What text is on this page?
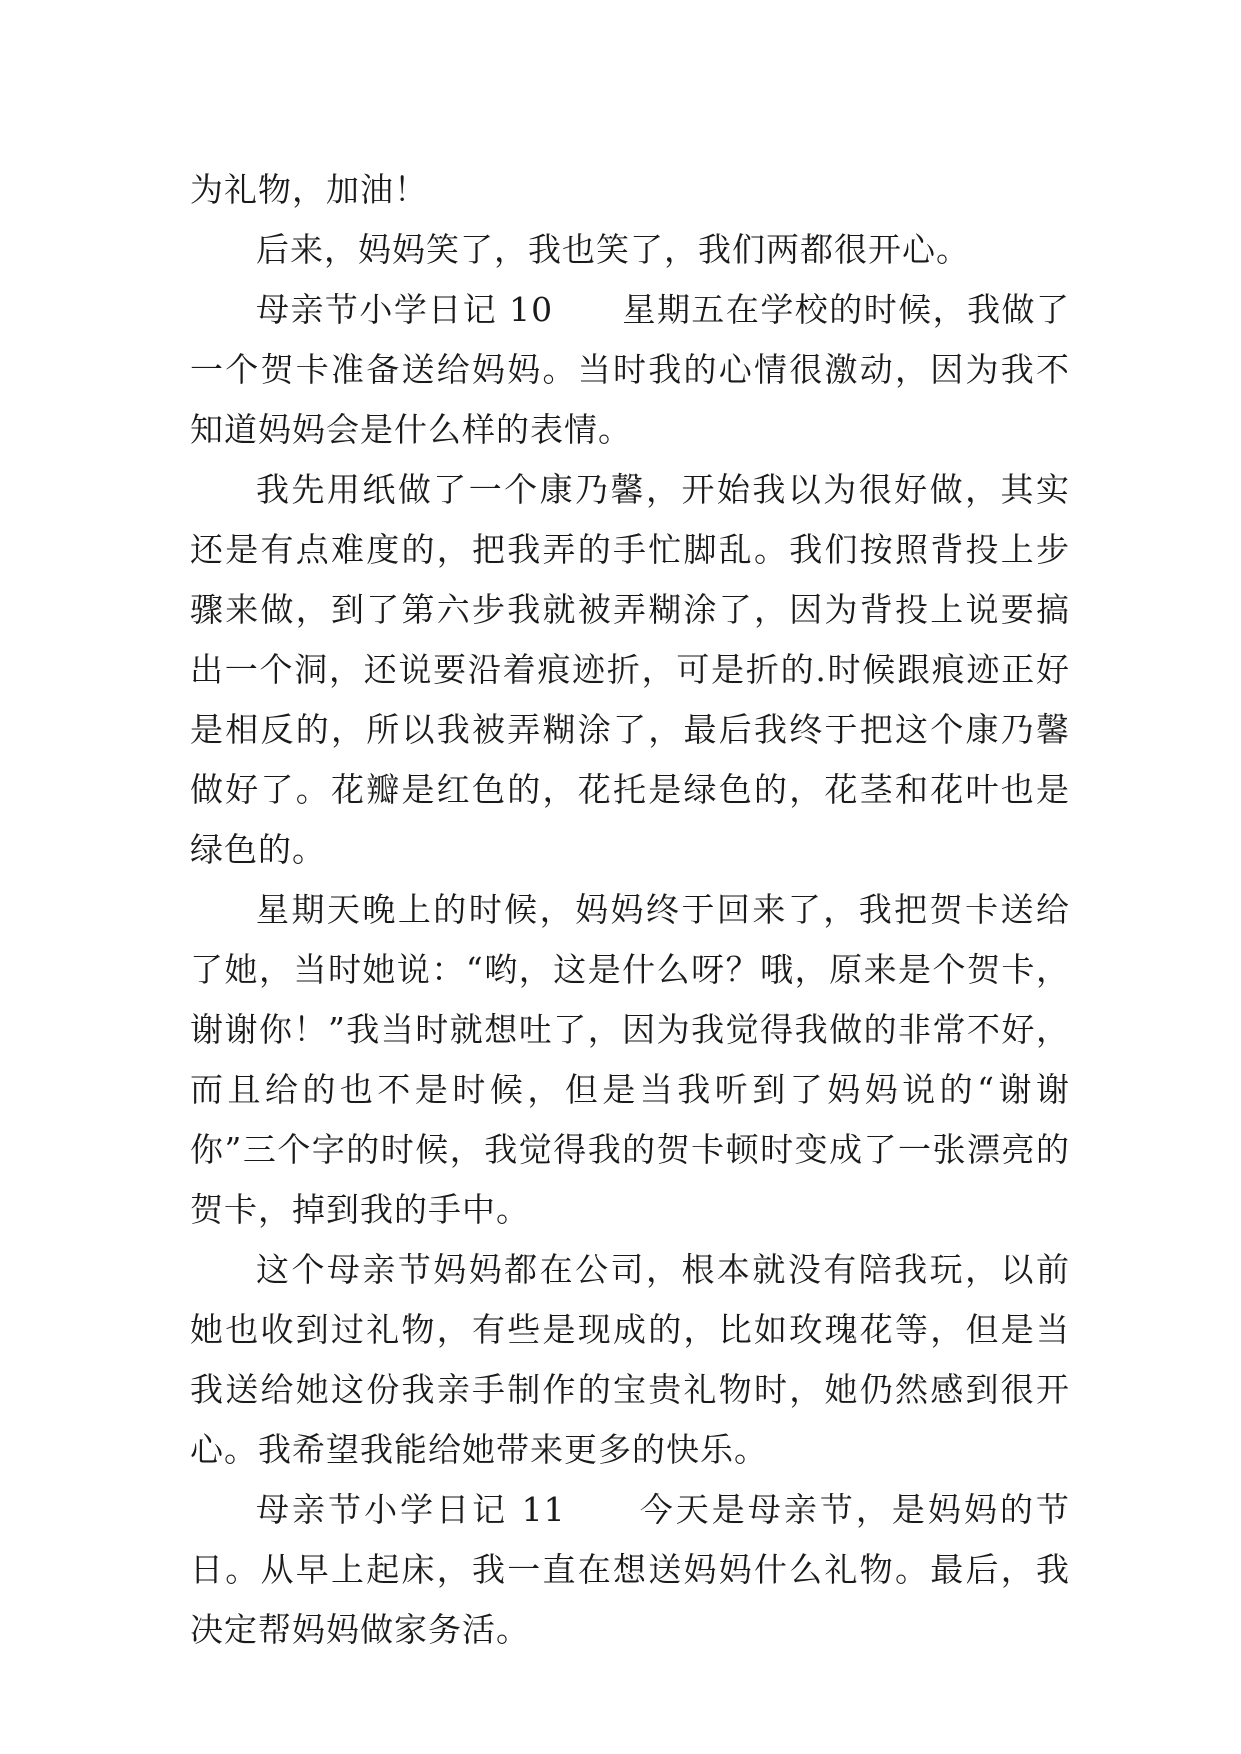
为礼物，加油！

后来，妈妈笑了，我也笑了，我们两都很开心。

母亲节小学日记 10　　星期五在学校的时候，我做了一个贺卡准备送给妈妈。当时我的心情很激动，因为我不知道妈妈会是什么样的表情。

我先用纸做了一个康乃馨，开始我以为很好做，其实还是有点难度的，把我弄的手忙脚乱。我们按照背投上步骤来做，到了第六步我就被弄糊涂了，因为背投上说要搞出一个洞，还说要沿着痕迹折，可是折的.时候跟痕迹正好是相反的，所以我被弄糊涂了，最后我终于把这个康乃馨做好了。花瓣是红色的，花托是绿色的，花茎和花叶也是绿色的。

星期天晚上的时候，妈妈终于回来了，我把贺卡送给了她，当时她说：“哟，这是什么呀？哦，原来是个贺卡，谢谢你！”我当时就想吐了，因为我觉得我做的非常不好，而且给的也不是时候，但是当我听到了妈妈说的“谢谢你”三个字的时候，我觉得我的贺卡顿时变成了一张漂亮的贺卡，掉到我的手中。

这个母亲节妈妈都在公司，根本就没有陪我玩，以前她也收到过礼物，有些是现成的，比如玫瑰花等，但是当我送给她这份我亲手制作的宝贵礼物时，她仍然感到很开心。我希望我能给她带来更多的快乐。

母亲节小学日记 11　　今天是母亲节，是妈妈的节日。从早上起床，我一直在想送妈妈什么礼物。最后，我决定帮妈妈做家务活。
